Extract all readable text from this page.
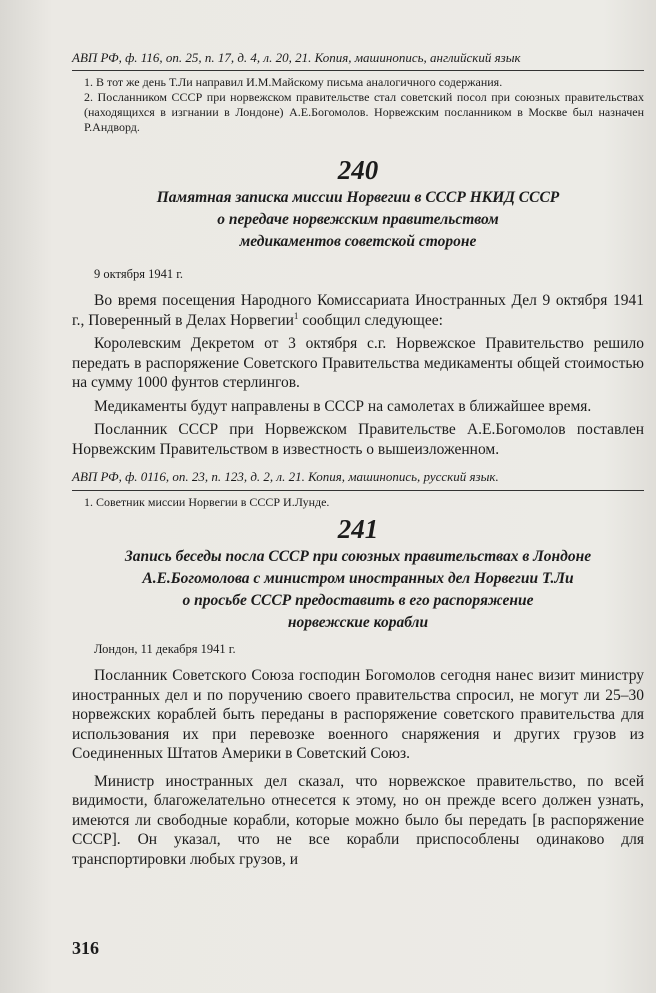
АВП РФ, ф. 116, оп. 25, п. 17, д. 4, л. 20, 21. Копия, машинопись, английский язык

1. В тот же день Т.Ли направил И.М.Майскому письма аналогичного содержания.

2. Посланником СССР при норвежском правительстве стал советский посол при союзных правительствах (находящихся в изгнании в Лондоне) А.Е.Богомолов. Норвежским посланником в Москве был назначен Р.Андворд.

240

Памятная записка миссии Норвегии в СССР НКИД СССР

о передаче норвежским правительством

медикаментов советской стороне

9 октября 1941 г.

Во время посещения Народного Комиссариата Иностранных Дел 9 октября 1941 г., Поверенный в Делах Норвегии$^1$ сообщил следующее:

Королевским Декретом от 3 октября с.г. Норвежское Правительство решило передать в распоряжение Советского Правительства медикаменты общей стоимостью на сумму 1000 фунтов стерлингов.

Медикаменты будут направлены в СССР на самолетах в ближайшее время.

Посланник СССР при Норвежском Правительстве А.Е.Богомолов поставлен Норвежским Правительством в известность о вышеизложенном.

АВП РФ, ф. 0116, оп. 23, п. 123, д. 2, л. 21. Копия, машинопись, русский язык.

1. Советник миссии Норвегии в СССР И.Лунде.

241

Запись беседы посла СССР при союзных правительствах в Лондоне

А.Е.Богомолова с министром иностранных дел Норвегии Т.Ли

о просьбе СССР предоставить в его распоряжение

норвежские корабли

Лондон, 11 декабря 1941 г.

Посланник Советского Союза господин Богомолов сегодня нанес визит министру иностранных дел и по поручению своего правительства спросил, не могут ли 25–30 норвежских кораблей быть переданы в распоряжение советского правительства для использования их при перевозке военного снаряжения и других грузов из Соединенных Штатов Америки в Советский Союз.

Министр иностранных дел сказал, что норвежское правительство, по всей видимости, благожелательно отнесется к этому, но он прежде всего должен узнать, имеются ли свободные корабли, которые можно было бы передать [в распоряжение СССР]. Он указал, что не все корабли приспособлены одинаково для транспортировки любых грузов, и

316
